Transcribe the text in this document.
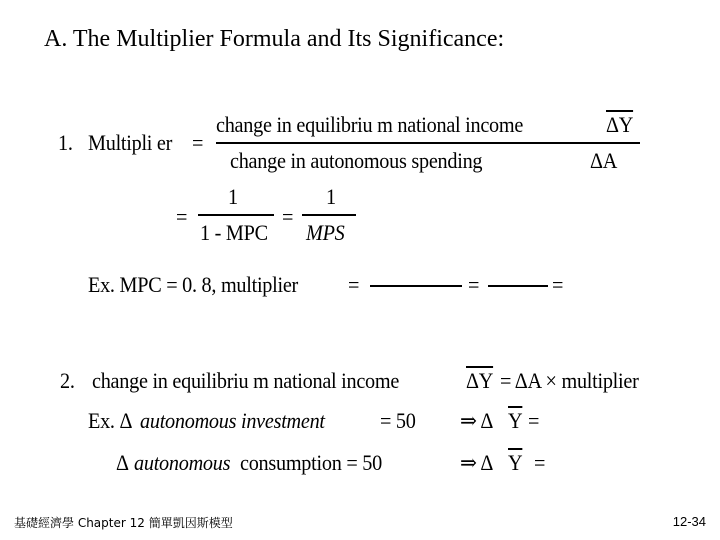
A. The Multiplier Formula and Its Significance:
1. Multipli er =
change in equilibriu m national income	$\overline{\Delta Y}$
change in autonomous spending	ΔA
=
1
1 - MPC
=
1
MPS
Ex. MPC = 0. 8, multiplier =	=	=
2. change in equilibriu m national income	$\overline{\Delta Y} = \Delta A$ × multiplier
Ex. Δ autonomous investment	= 50 ⇒ Δ $\overline{Y}$ =
Δ autonomous consumption = 50	⇒ Δ $\overline{Y}$ =
基礎經濟學 Chapter 12 簡單凱因斯模型	12-34
